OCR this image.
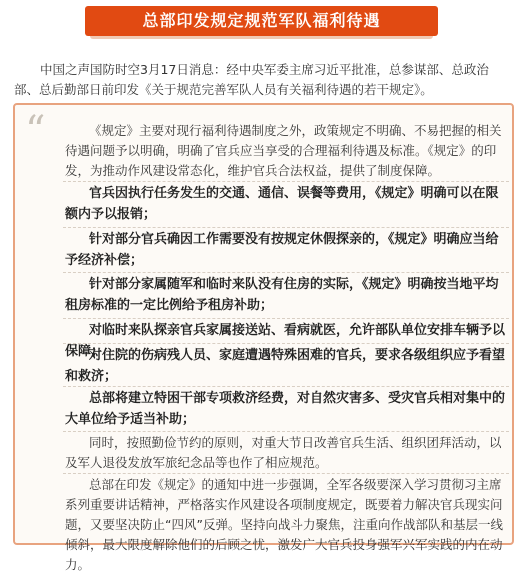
总部印发规定规范军队福利待遇

中国之声国防时空3月17日消息：经中央军委主席习近平批准，总参谋部、总政治部、总后勤部日前印发《关于规范完善军队人员有关福利待遇的若干规定》。

“	《规定》主要对现行福利待遇制度之外，政策规定不明确、不易把握的相关待遇问题予以明确，明确了官兵应当享受的合理福利待遇及标准。《规定》的印发，为推动作风建设常态化，维护官兵合法权益，提供了制度保障。

官兵因执行任务发生的交通、通信、误餐等费用，《规定》明确可以在限额内予以报销；

针对部分官兵确因工作需要没有按规定休假探亲的，《规定》明确应当给予经济补偿；

针对部分家属随军和临时来队没有住房的实际，《规定》明确按当地平均租房标准的一定比例给予租房补助；

对临时来队探亲官兵家属接送站、看病就医，允许部队单位安排车辆予以保障；

对住院的伤病残人员、家庭遭遇特殊困难的官兵，要求各级组织应予看望和救济；

总部将建立特困干部专项救济经费，对自然灾害多、受灾官兵相对集中的大单位给予适当补助；

同时，按照勤俭节约的原则，对重大节日改善官兵生活、组织团拜活动，以及军人退役发放军旅纪念品等也作了相应规范。

总部在印发《规定》的通知中进一步强调，全军各级要深入学习贯彻习主席系列重要讲话精神，严格落实作风建设各项制度规定，既要着力解决官兵现实问题，又要坚决防止“四风”反弹。坚持向战斗力聚焦，注重向作战部队和基层一线倾斜，最大限度解除他们的后顾之忧，激发广大官兵投身强军兴军实践的内在动力。
